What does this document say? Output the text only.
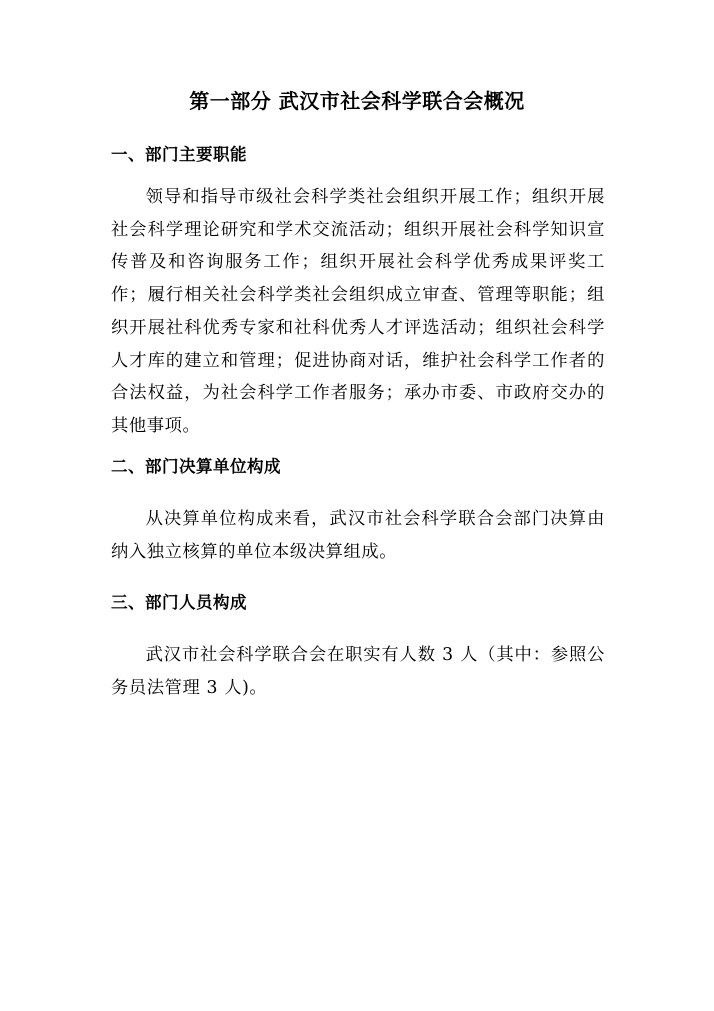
第一部分 武汉市社会科学联合会概况
一、部门主要职能

领导和指导市级社会科学类社会组织开展工作；组织开展社会科学理论研究和学术交流活动；组织开展社会科学知识宣传普及和咨询服务工作；组织开展社会科学优秀成果评奖工作；履行相关社会科学类社会组织成立审查、管理等职能；组织开展社科优秀专家和社科优秀人才评选活动；组织社会科学人才库的建立和管理；促进协商对话，维护社会科学工作者的合法权益，为社会科学工作者服务；承办市委、市政府交办的其他事项。

二、部门决算单位构成

从决算单位构成来看，武汉市社会科学联合会部门决算由纳入独立核算的单位本级决算组成。

三、部门人员构成

武汉市社会科学联合会在职实有人数 3 人（其中：参照公务员法管理 3 人)。
